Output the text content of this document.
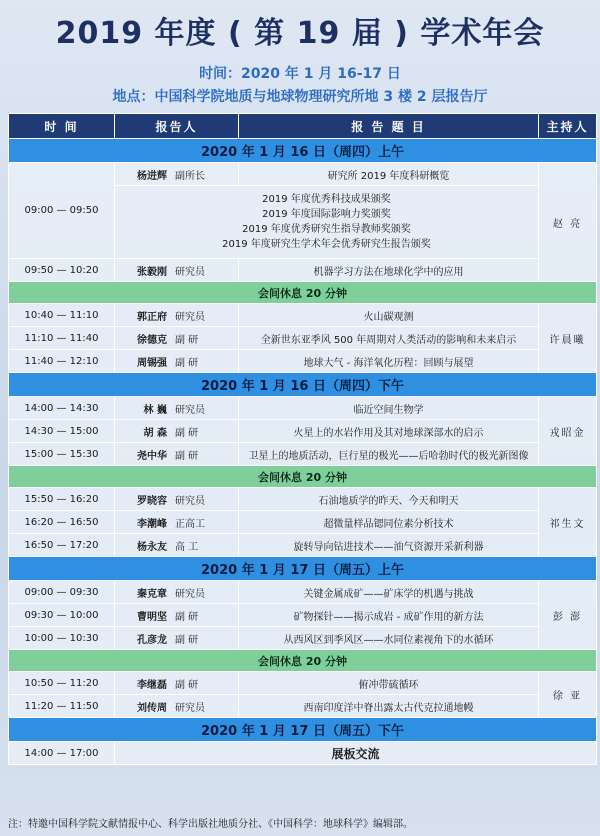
2019 年度 ( 第 19 届 ) 学术年会
时间：2020 年 1 月 16-17 日
地点：中国科学院地质与地球物理研究所地 3 楼 2 层报告厅
时 间	报告人	报 告 题 目	主持人
2020 年 1 月 16 日（周四）上午			
09:00 — 09:50	杨进辉 副所长	研究所 2019 年度科研概览	赵 亮

	2019 年度优秀科技成果颁奖
2019 年度国际影响力奖颁奖
2019 年度优秀研究生指导教师奖颁奖
2019 年度研究生学术年会优秀研究生报告颁奖		

09:50 — 10:20	张毅刚 研究员	机器学习方法在地球化学中的应用	
会间休息 20 分钟			
10:40 — 11:10	郭正府 研究员	火山碳观测	许晨曦
11:10 — 11:40	徐德克 副 研	全新世东亚季风 500 年周期对人类活动的影响和未来启示	
11:40 — 12:10	周锡强 副 研	地球大气 - 海洋氧化历程：回顾与展望	
2020 年 1 月 16 日（周四）下午			
14:00 — 14:30	林 巍 研究员	临近空间生物学	戎昭金
14:30 — 15:00	胡 森 副 研	火星上的水岩作用及其对地球深部水的启示	
15:00 — 15:30	尧中华 副 研	卫星上的地质活动，巨行星的极光——后哈勃时代的极光新图像	
会间休息 20 分钟			
15:50 — 16:20	罗晓容 研究员	石油地质学的昨天、今天和明天	祁生文
16:20 — 16:50	李潮峰 正高工	超微量样品锶同位素分析技术	
16:50 — 17:20	杨永友 高 工	旋转导向钻进技术——油气资源开采新利器	
2020 年 1 月 17 日（周五）上午			
09:00 — 09:30	秦克章 研究员	关键金属成矿——矿床学的机遇与挑战	彭 澎
09:30 — 10:00	曹明坚 副 研	矿物探针——揭示成岩 - 成矿作用的新方法	
10:00 — 10:30	孔彦龙 副 研	从西风区到季风区——水同位素视角下的水循环	
会间休息 20 分钟			
10:50 — 11:20	李继磊 副 研	俯冲带硫循环	徐 亚
11:20 — 11:50	刘传周 研究员	西南印度洋中脊出露太古代克拉通地幔	
2020 年 1 月 17 日（周五）下午			
14:00 — 17:00	展板交流		
注：特邀中国科学院文献情报中心、科学出版社地质分社、《中国科学：地球科学》编辑部。
